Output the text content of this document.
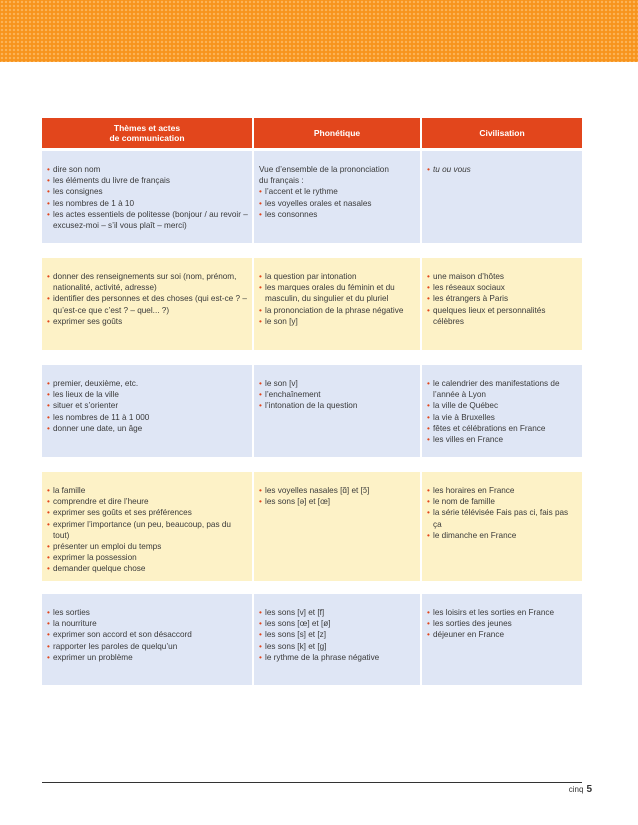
Thèmes et actes
de communication	Phonétique	Civilisation
• dire son nom
• les éléments du livre de français
• les consignes
• les nombres de 1 à 10
• les actes essentiels de politesse (bonjour / au revoir – excusez-moi – s’il vous plaît – merci)
Vue d’ensemble de la prononciation
du français :
• l’accent et le rythme
• les voyelles orales et nasales
• les consonnes
• tu ou vous
• donner des renseignements sur soi (nom, prénom, nationalité, activité, adresse)
• identifier des personnes et des choses (qui est-ce ? – qu’est-ce que c’est ? – quel... ?)
• exprimer ses goûts
• la question par intonation
• les marques orales du féminin et du masculin, du singulier et du pluriel
• la prononciation de la phrase négative
• le son [y]
• une maison d’hôtes
• les réseaux sociaux
• les étrangers à Paris
• quelques lieux et personnalités célèbres
• premier, deuxième, etc.
• les lieux de la ville
• situer et s’orienter
• les nombres de 11 à 1 000
• donner une date, un âge
• le son [v]
• l’enchaînement
• l’intonation de la question
• le calendrier des manifestations de l’année à Lyon
• la ville de Québec
• la vie à Bruxelles
• fêtes et célébrations en France
• les villes en France
• la famille
• comprendre et dire l’heure
• exprimer ses goûts et ses préférences
• exprimer l’importance (un peu, beaucoup, pas du tout)
• présenter un emploi du temps
• exprimer la possession
• demander quelque chose
• les voyelles nasales [ɑ̃] et [ɔ̃]
• les sons [ə] et [œ]
• les horaires en France
• le nom de famille
• la série télévisée Fais pas ci, fais pas ça
• le dimanche en France
• les sorties
• la nourriture
• exprimer son accord et son désaccord
• rapporter les paroles de quelqu’un
• exprimer un problème
• les sons [v] et [f]
• les sons [œ] et [ø]
• les sons [s] et [z]
• les sons [k] et [g]
• le rythme de la phrase négative
• les loisirs et les sorties en France
• les sorties des jeunes
• déjeuner en France
cinq 5
